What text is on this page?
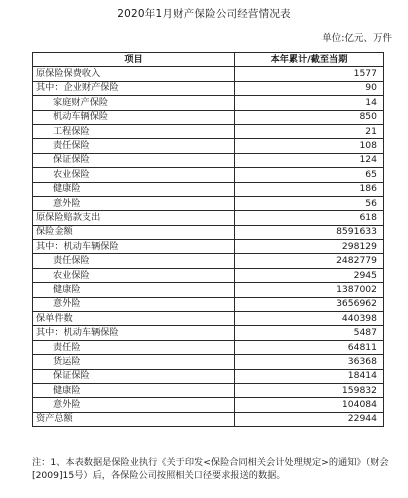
2020年1月财产保险公司经营情况表
单位:亿元、万件
项目	本年累计/截至当期
原保险保费收入	1577
其中：企业财产保险	90
家庭财产保险	14
机动车辆保险	850
工程保险	21
责任保险	108
保证保险	124
农业保险	65
健康险	186
意外险	56
原保险赔款支出	618
保险金额	8591633
其中：机动车辆保险	298129
责任保险	2482779
农业保险	2945
健康险	1387002
意外险	3656962
保单件数	440398
其中：机动车辆保险	5487
责任险	64811
货运险	36368
保证保险	18414
健康险	159832
意外险	104084
资产总额	22944
注：1、本表数据是保险业执行《关于印发<保险合同相关会计处理规定>的通知》（财会[2009]15号）后，各保险公司按照相关口径要求报送的数据。
